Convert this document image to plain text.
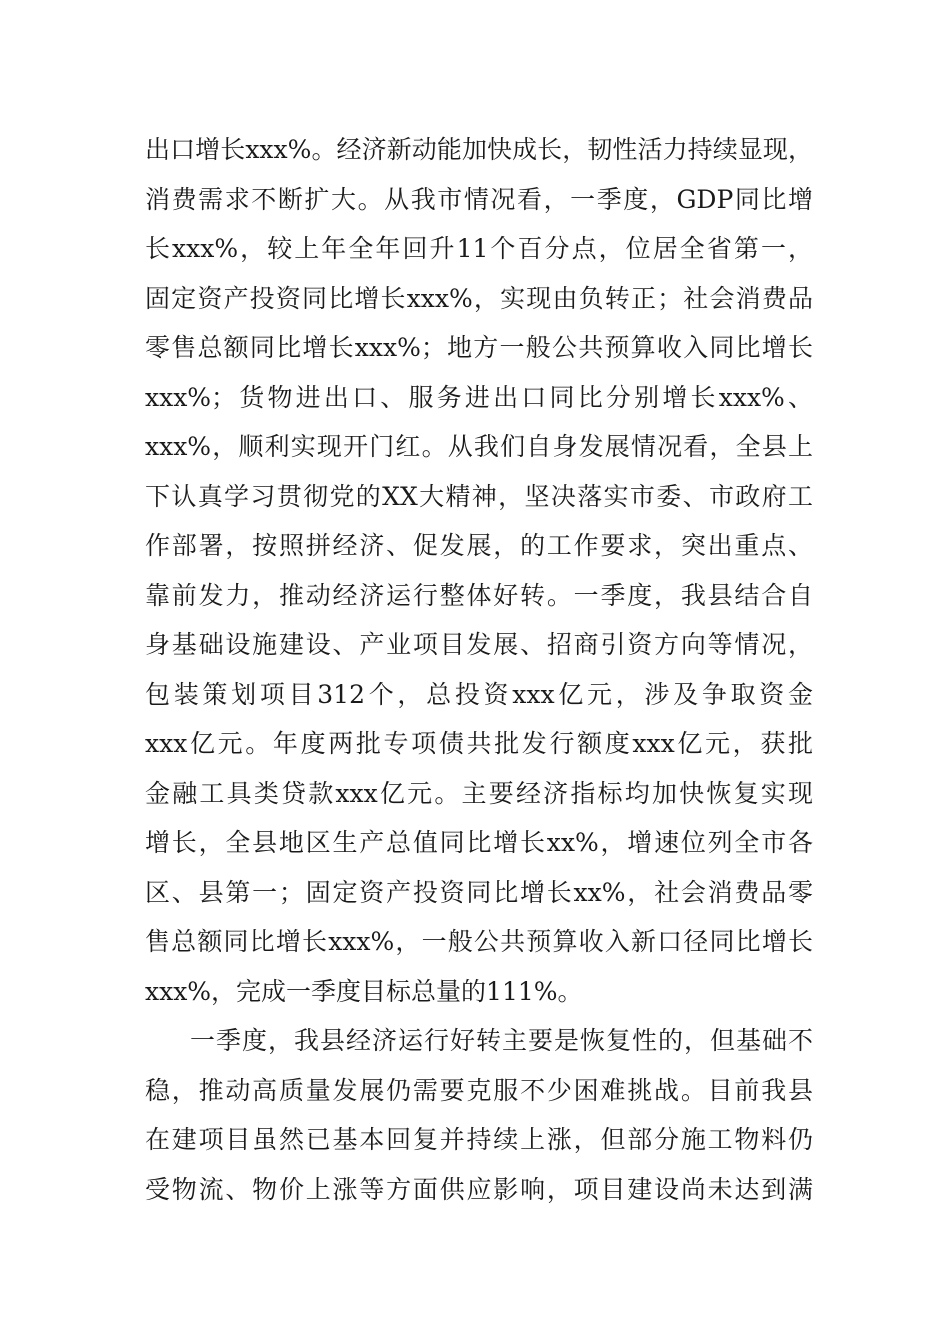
出口增长xxx%。经济新动能加快成长，韧性活力持续显现，
消费需求不断扩大。从我市情况看，一季度，GDP同比增
长xxx%，较上年全年回升11个百分点，位居全省第一，
固定资产投资同比增长xxx%，实现由负转正；社会消费品
零售总额同比增长xxx%；地方一般公共预算收入同比增长
xxx%；货物进出口、服务进出口同比分别增长xxx%、
xxx%，顺利实现开门红。从我们自身发展情况看，全县上
下认真学习贯彻党的XX大精神，坚决落实市委、市政府工
作部署，按照拼经济、促发展，的工作要求，突出重点、
靠前发力，推动经济运行整体好转。一季度，我县结合自
身基础设施建设、产业项目发展、招商引资方向等情况，
包装策划项目312个，总投资xxx亿元，涉及争取资金
xxx亿元。年度两批专项债共批发行额度xxx亿元，获批
金融工具类贷款xxx亿元。主要经济指标均加快恢复实现
增长，全县地区生产总值同比增长xx%，增速位列全市各
区、县第一；固定资产投资同比增长xx%，社会消费品零
售总额同比增长xxx%，一般公共预算收入新口径同比增长
xxx%，完成一季度目标总量的111%。
一季度，我县经济运行好转主要是恢复性的，但基础不
稳，推动高质量发展仍需要克服不少困难挑战。目前我县
在建项目虽然已基本回复并持续上涨，但部分施工物料仍
受物流、物价上涨等方面供应影响，项目建设尚未达到满
